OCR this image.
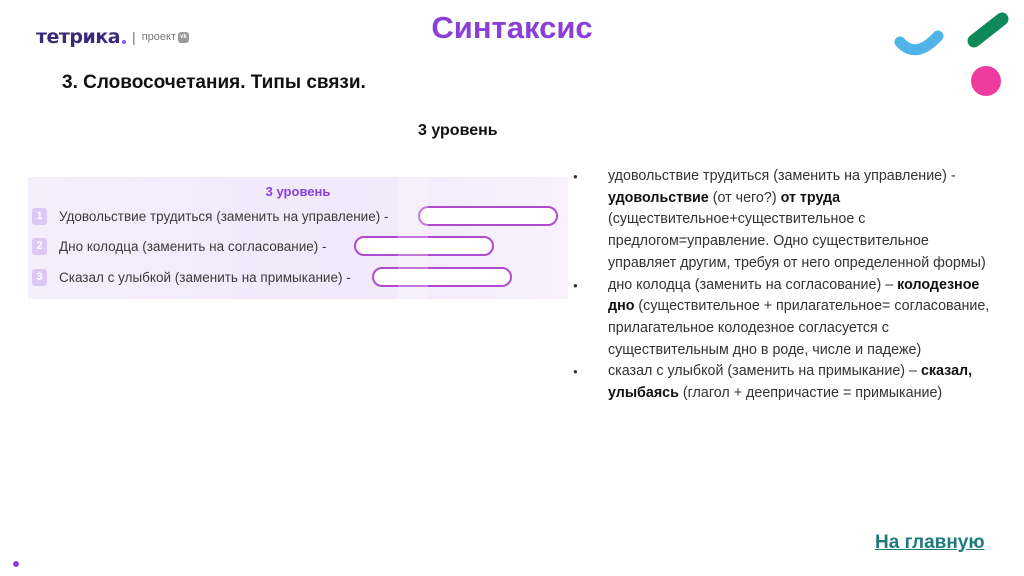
тетрика | проект vk	Синтаксис
3. Словосочетания. Типы связи.
3 уровень
3 уровень
1	Удовольствие трудиться (заменить на управление) -
2	Дно колодца (заменить на согласование) -
3	Сказал с улыбкой (заменить на примыкание) -
● удовольствие трудиться (заменить на управление) - удовольствие (от чего?) от труда (существительное+существительное с предлогом=управление. Одно существительное управляет другим, требуя от него определенной формы)
● дно колодца (заменить на согласование) – колодезное дно (существительное + прилагательное= согласование, прилагательное колодезное согласуется с существительным дно в роде, числе и падеже)
● сказал с улыбкой (заменить на примыкание) – сказал, улыбаясь (глагол + деепричастие = примыкание)
На главную
